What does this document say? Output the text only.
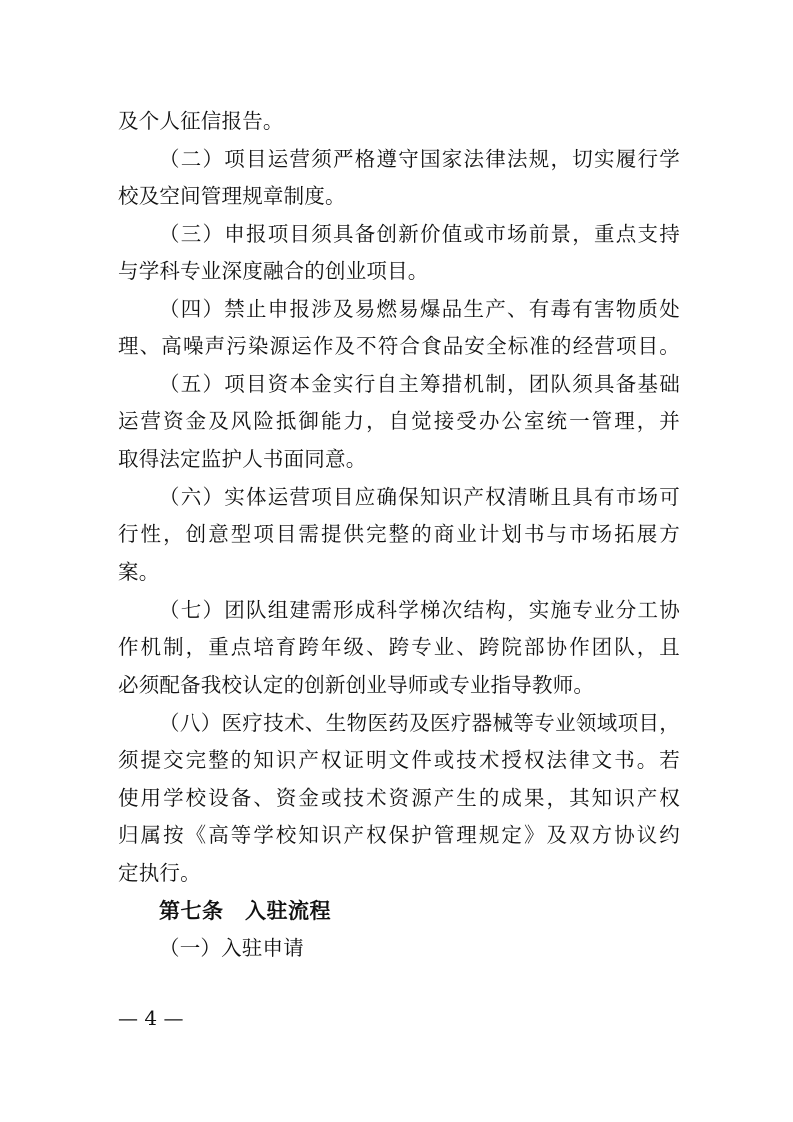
及个人征信报告。
（二）项目运营须严格遵守国家法律法规，切实履行学
校及空间管理规章制度。
（三）申报项目须具备创新价值或市场前景，重点支持
与学科专业深度融合的创业项目。
（四）禁止申报涉及易燃易爆品生产、有毒有害物质处
理、高噪声污染源运作及不符合食品安全标准的经营项目。
（五）项目资本金实行自主筹措机制，团队须具备基础
运营资金及风险抵御能力，自觉接受办公室统一管理，并
取得法定监护人书面同意。
（六）实体运营项目应确保知识产权清晰且具有市场可
行性，创意型项目需提供完整的商业计划书与市场拓展方
案。
（七）团队组建需形成科学梯次结构，实施专业分工协
作机制，重点培育跨年级、跨专业、跨院部协作团队，且
必须配备我校认定的创新创业导师或专业指导教师。
（八）医疗技术、生物医药及医疗器械等专业领域项目，
须提交完整的知识产权证明文件或技术授权法律文书。若
使用学校设备、资金或技术资源产生的成果，其知识产权
归属按《高等学校知识产权保护管理规定》及双方协议约
定执行。
第七条　入驻流程
（一）入驻申请
— 4 —
